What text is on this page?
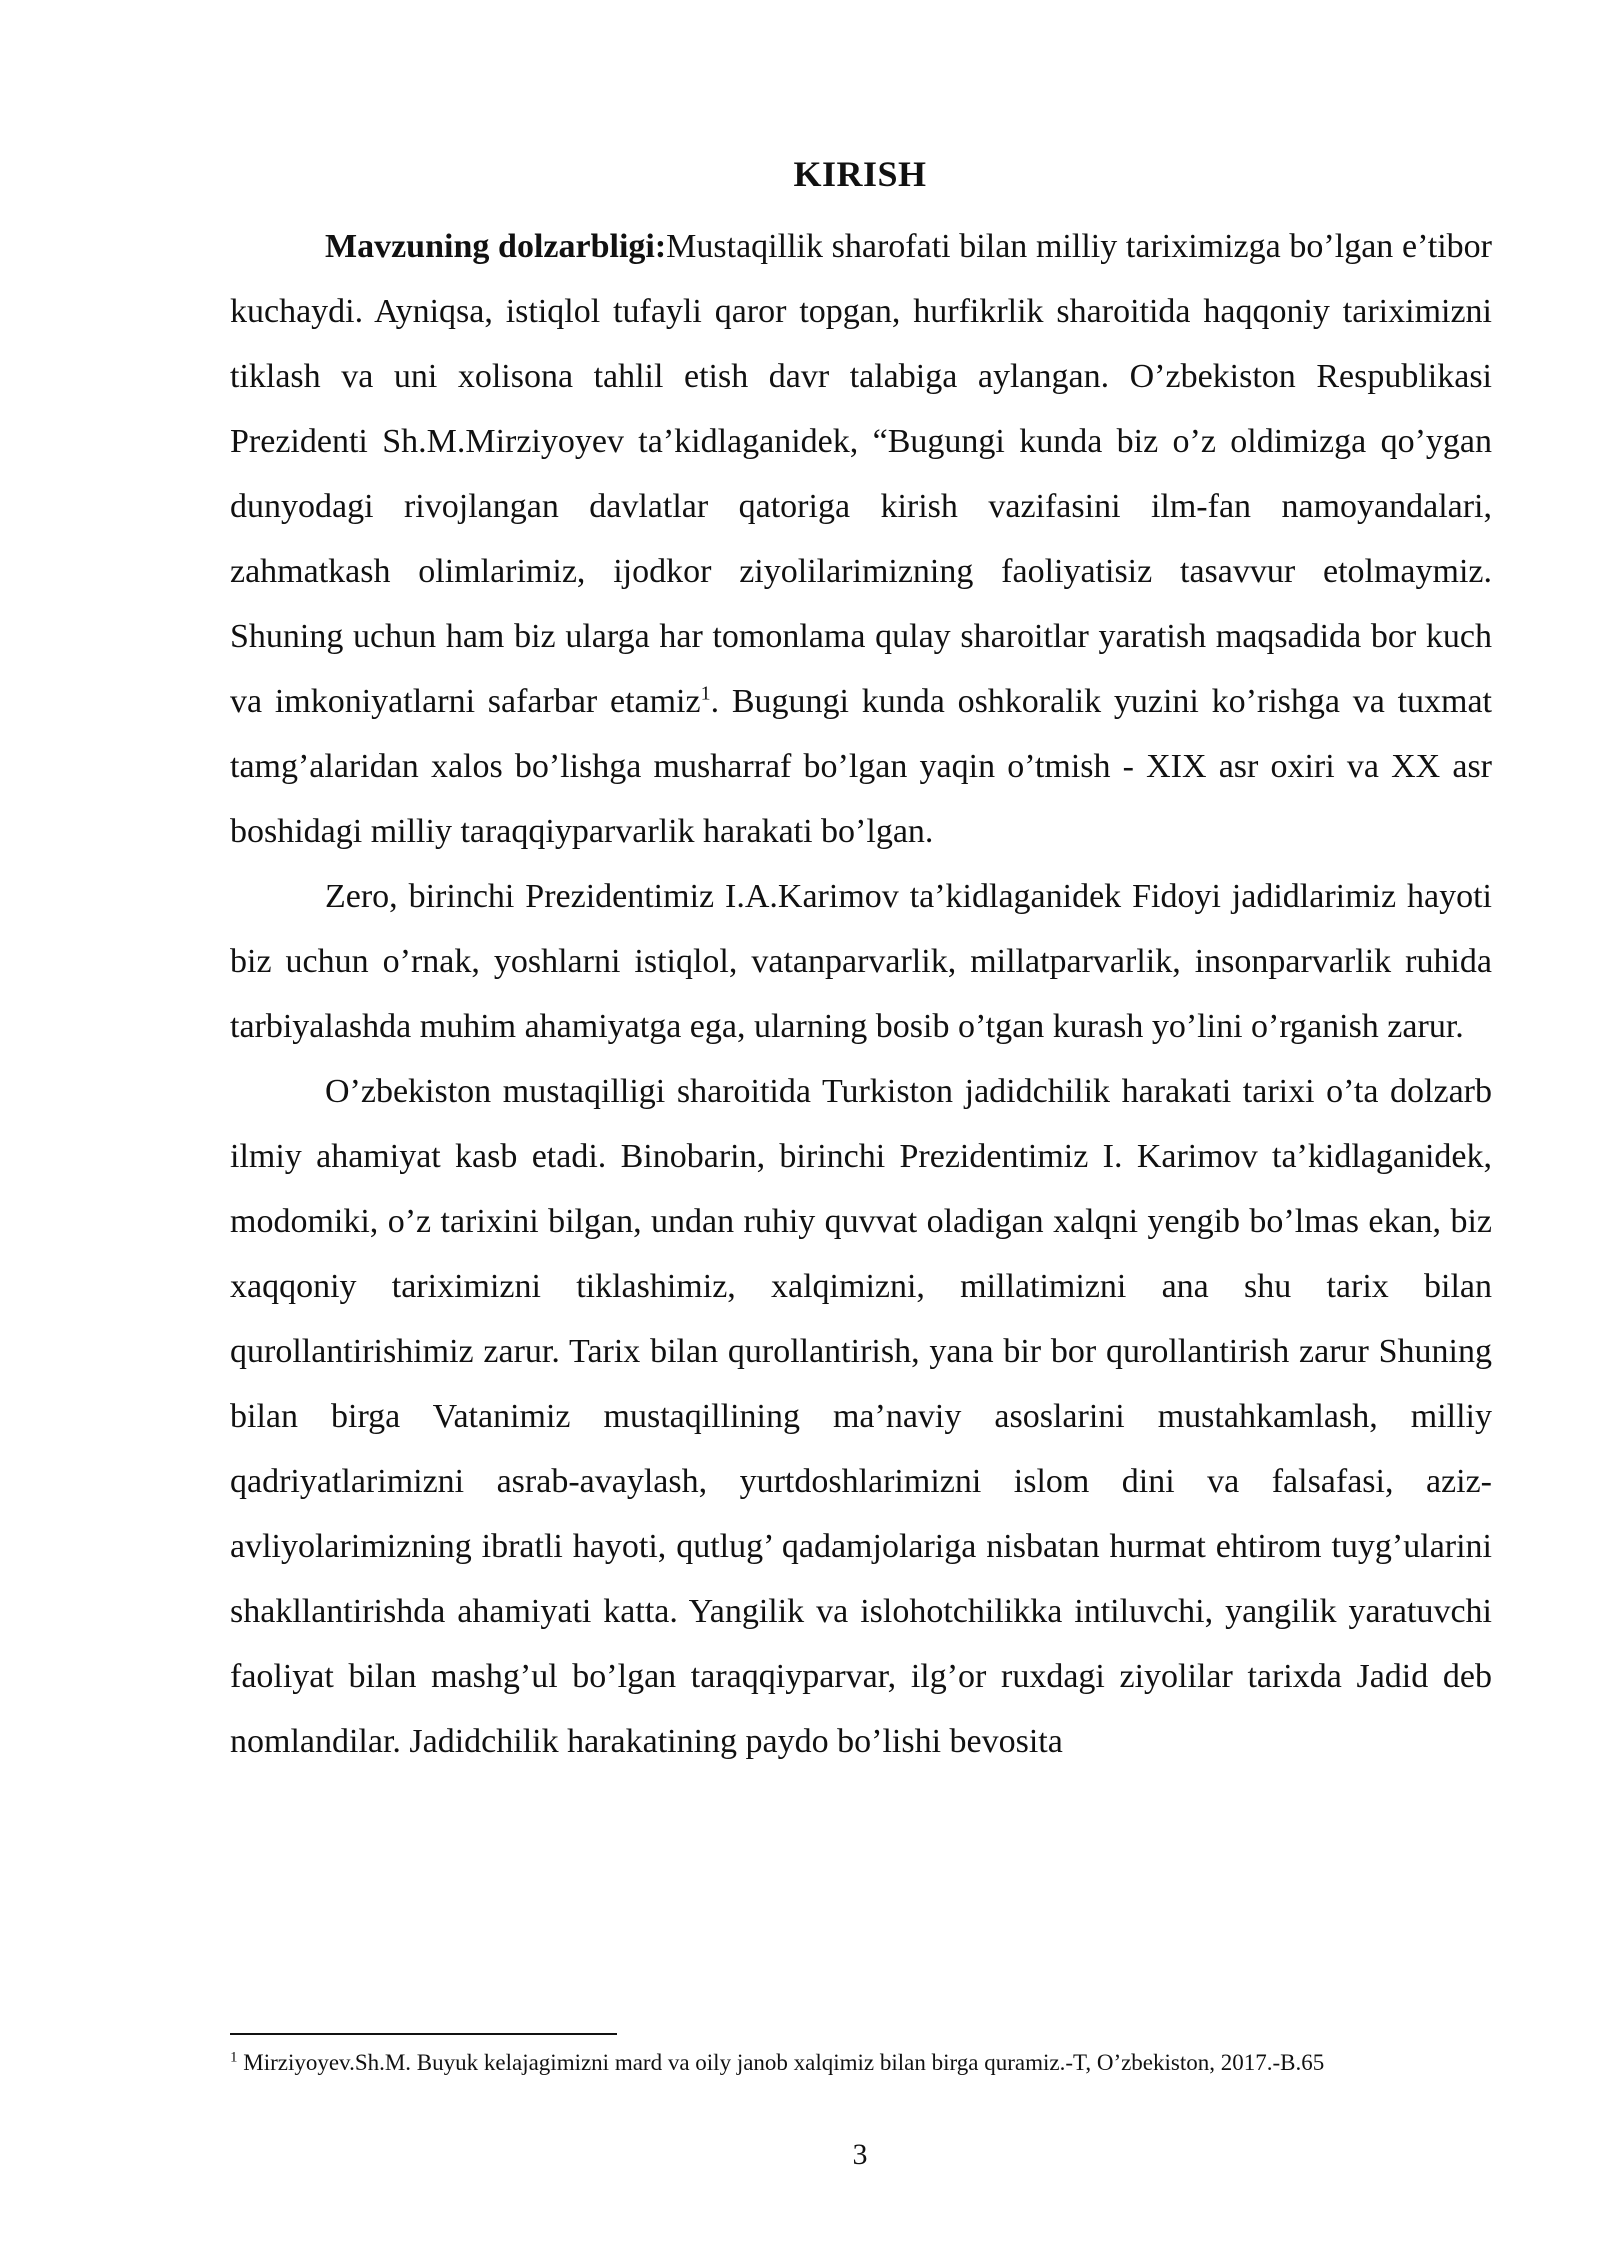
KIRISH

Mavzuning dolzarbligi:Mustaqillik sharofati bilan milliy tariximizga bo’lgan e’tibor kuchaydi. Ayniqsa, istiqlol tufayli qaror topgan, hurfikrlik sharoitida haqqoniy tariximizni tiklash va uni xolisona tahlil etish davr talabiga aylangan. O’zbekiston Respublikasi Prezidenti Sh.M.Mirziyoyev ta’kidlaganidek, “Bugungi kunda biz o’z oldimizga qo’ygan dunyodagi rivojlangan davlatlar qatoriga kirish vazifasini ilm-fan namoyandalari, zahmatkash olimlarimiz, ijodkor ziyolilarimizning faoliyatisiz tasavvur etolmaymiz. Shuning uchun ham biz ularga har tomonlama qulay sharoitlar yaratish maqsadida bor kuch va imkoniyatlarni safarbar etamiz$^1$. Bugungi kunda oshkoralik yuzini ko’rishga va tuxmat tamg’alaridan xalos bo’lishga musharraf bo’lgan yaqin o’tmish - XIX asr oxiri va XX asr boshidagi milliy taraqqiyparvarlik harakati bo’lgan.

Zero, birinchi Prezidentimiz I.A.Karimov ta’kidlaganidek Fidoyi jadidlarimiz hayoti biz uchun o’rnak, yoshlarni istiqlol, vatanparvarlik, millatparvarlik, insonparvarlik ruhida tarbiyalashda muhim ahamiyatga ega, ularning bosib o’tgan kurash yo’lini o’rganish zarur.

O’zbekiston mustaqilligi sharoitida Turkiston jadidchilik harakati tarixi o’ta dolzarb ilmiy ahamiyat kasb etadi. Binobarin, birinchi Prezidentimiz I. Karimov ta’kidlaganidek, modomiki, o’z tarixini bilgan, undan ruhiy quvvat oladigan xalqni yengib bo’lmas ekan, biz xaqqoniy tariximizni tiklashimiz, xalqimizni, millatimizni ana shu tarix bilan qurollantirishimiz zarur. Tarix bilan qurollantirish, yana bir bor qurollantirish zarur Shuning bilan birga Vatanimiz mustaqillining ma’naviy asoslarini mustahkamlash, milliy qadriyatlarimizni asrab-avaylash, yurtdoshlarimizni islom dini va falsafasi, aziz-avliyolarimizning ibratli hayoti, qutlug’ qadamjolariga nisbatan hurmat ehtirom tuyg’ularini shakllantirishda ahamiyati katta. Yangilik va islohotchilikka intiluvchi, yangilik yaratuvchi faoliyat bilan mashg’ul bo’lgan taraqqiyparvar, ilg’or ruxdagi ziyolilar tarixda Jadid deb nomlandilar. Jadidchilik harakatining paydo bo’lishi bevosita

$^1$ Mirziyoyev.Sh.M. Buyuk kelajagimizni mard va oily janob xalqimiz bilan birga quramiz.-T, O’zbekiston, 2017.-B.65
3
